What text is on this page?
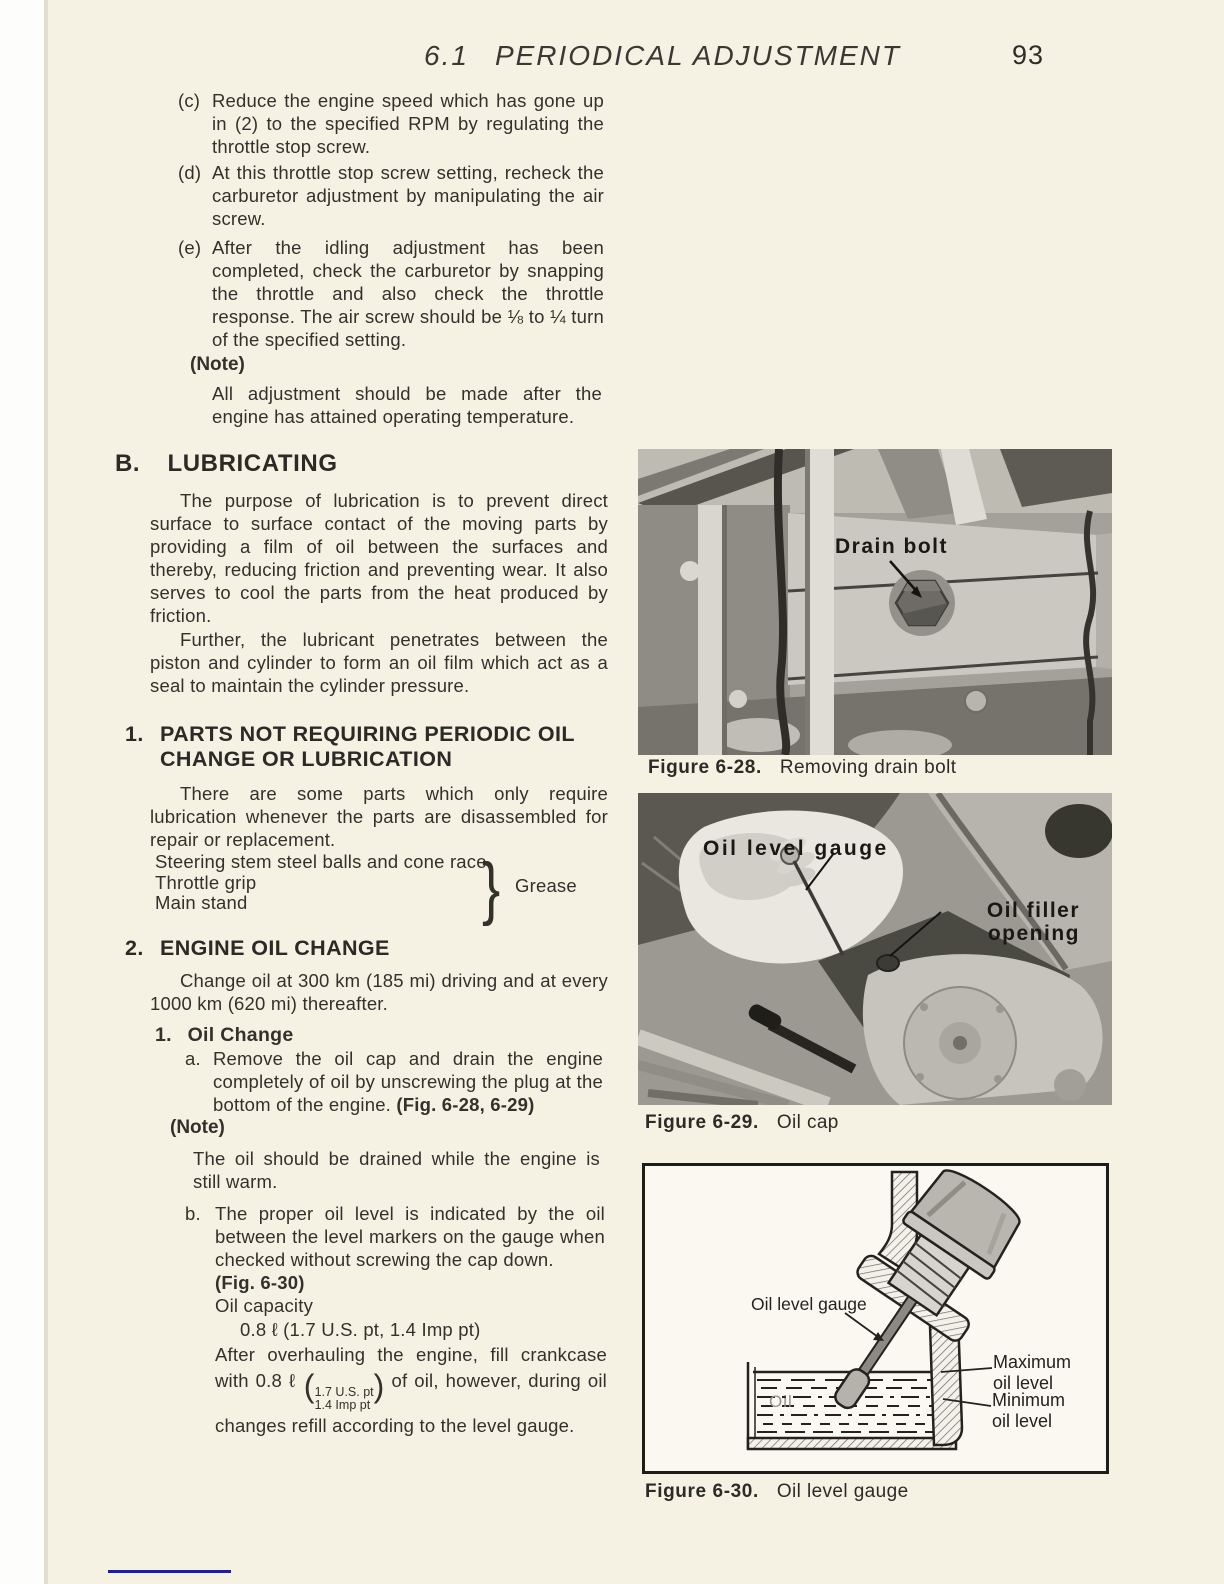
6.1 PERIODICAL ADJUSTMENT	93
(c) Reduce the engine speed which has gone up in (2) to the specified RPM by regulating the throttle stop screw.
(d) At this throttle stop screw setting, recheck the carburetor adjustment by manipulating the air screw.
(e) After the idling adjustment has been completed, check the carburetor by snapping the throttle and also check the throttle response. The air screw should be ⅛ to ¼ turn of the specified setting.
(Note)
All adjustment should be made after the engine has attained operating temperature.
B. LUBRICATING
The purpose of lubrication is to prevent direct surface to surface contact of the moving parts by providing a film of oil between the surfaces and thereby, reducing friction and preventing wear. It also serves to cool the parts from the heat produced by friction.
Further, the lubricant penetrates between the piston and cylinder to form an oil film which act as a seal to maintain the cylinder pressure.
1. PARTS NOT REQUIRING PERIODIC OIL CHANGE OR LUBRICATION
There are some parts which only require lubrication whenever the parts are disassembled for repair or replacement.
Steering stem steel balls and cone race
Throttle grip
Main stand	} Grease
2. ENGINE OIL CHANGE
Change oil at 300 km (185 mi) driving and at every 1000 km (620 mi) thereafter.
1. Oil Change
a. Remove the oil cap and drain the engine completely of oil by unscrewing the plug at the bottom of the engine. (Fig. 6-28, 6-29)
(Note)
The oil should be drained while the engine is still warm.
b. The proper oil level is indicated by the oil between the level markers on the gauge when checked without screwing the cap down.
(Fig. 6-30)
Oil capacity
0.8 ℓ (1.7 U.S. pt, 1.4 Imp pt)
After overhauling the engine, fill crankcase with 0.8 ℓ ( 1.7 U.S. pt
1.4 Imp pt
) of oil, however, during oil changes refill according to the level gauge.
Drain bolt
Figure 6-28. Removing drain bolt
Oil level gauge
Oil filler opening
Figure 6-29. Oil cap
Oil level gauge
Maximum oil level
Minimum oil level
Oil
Figure 6-30. Oil level gauge
